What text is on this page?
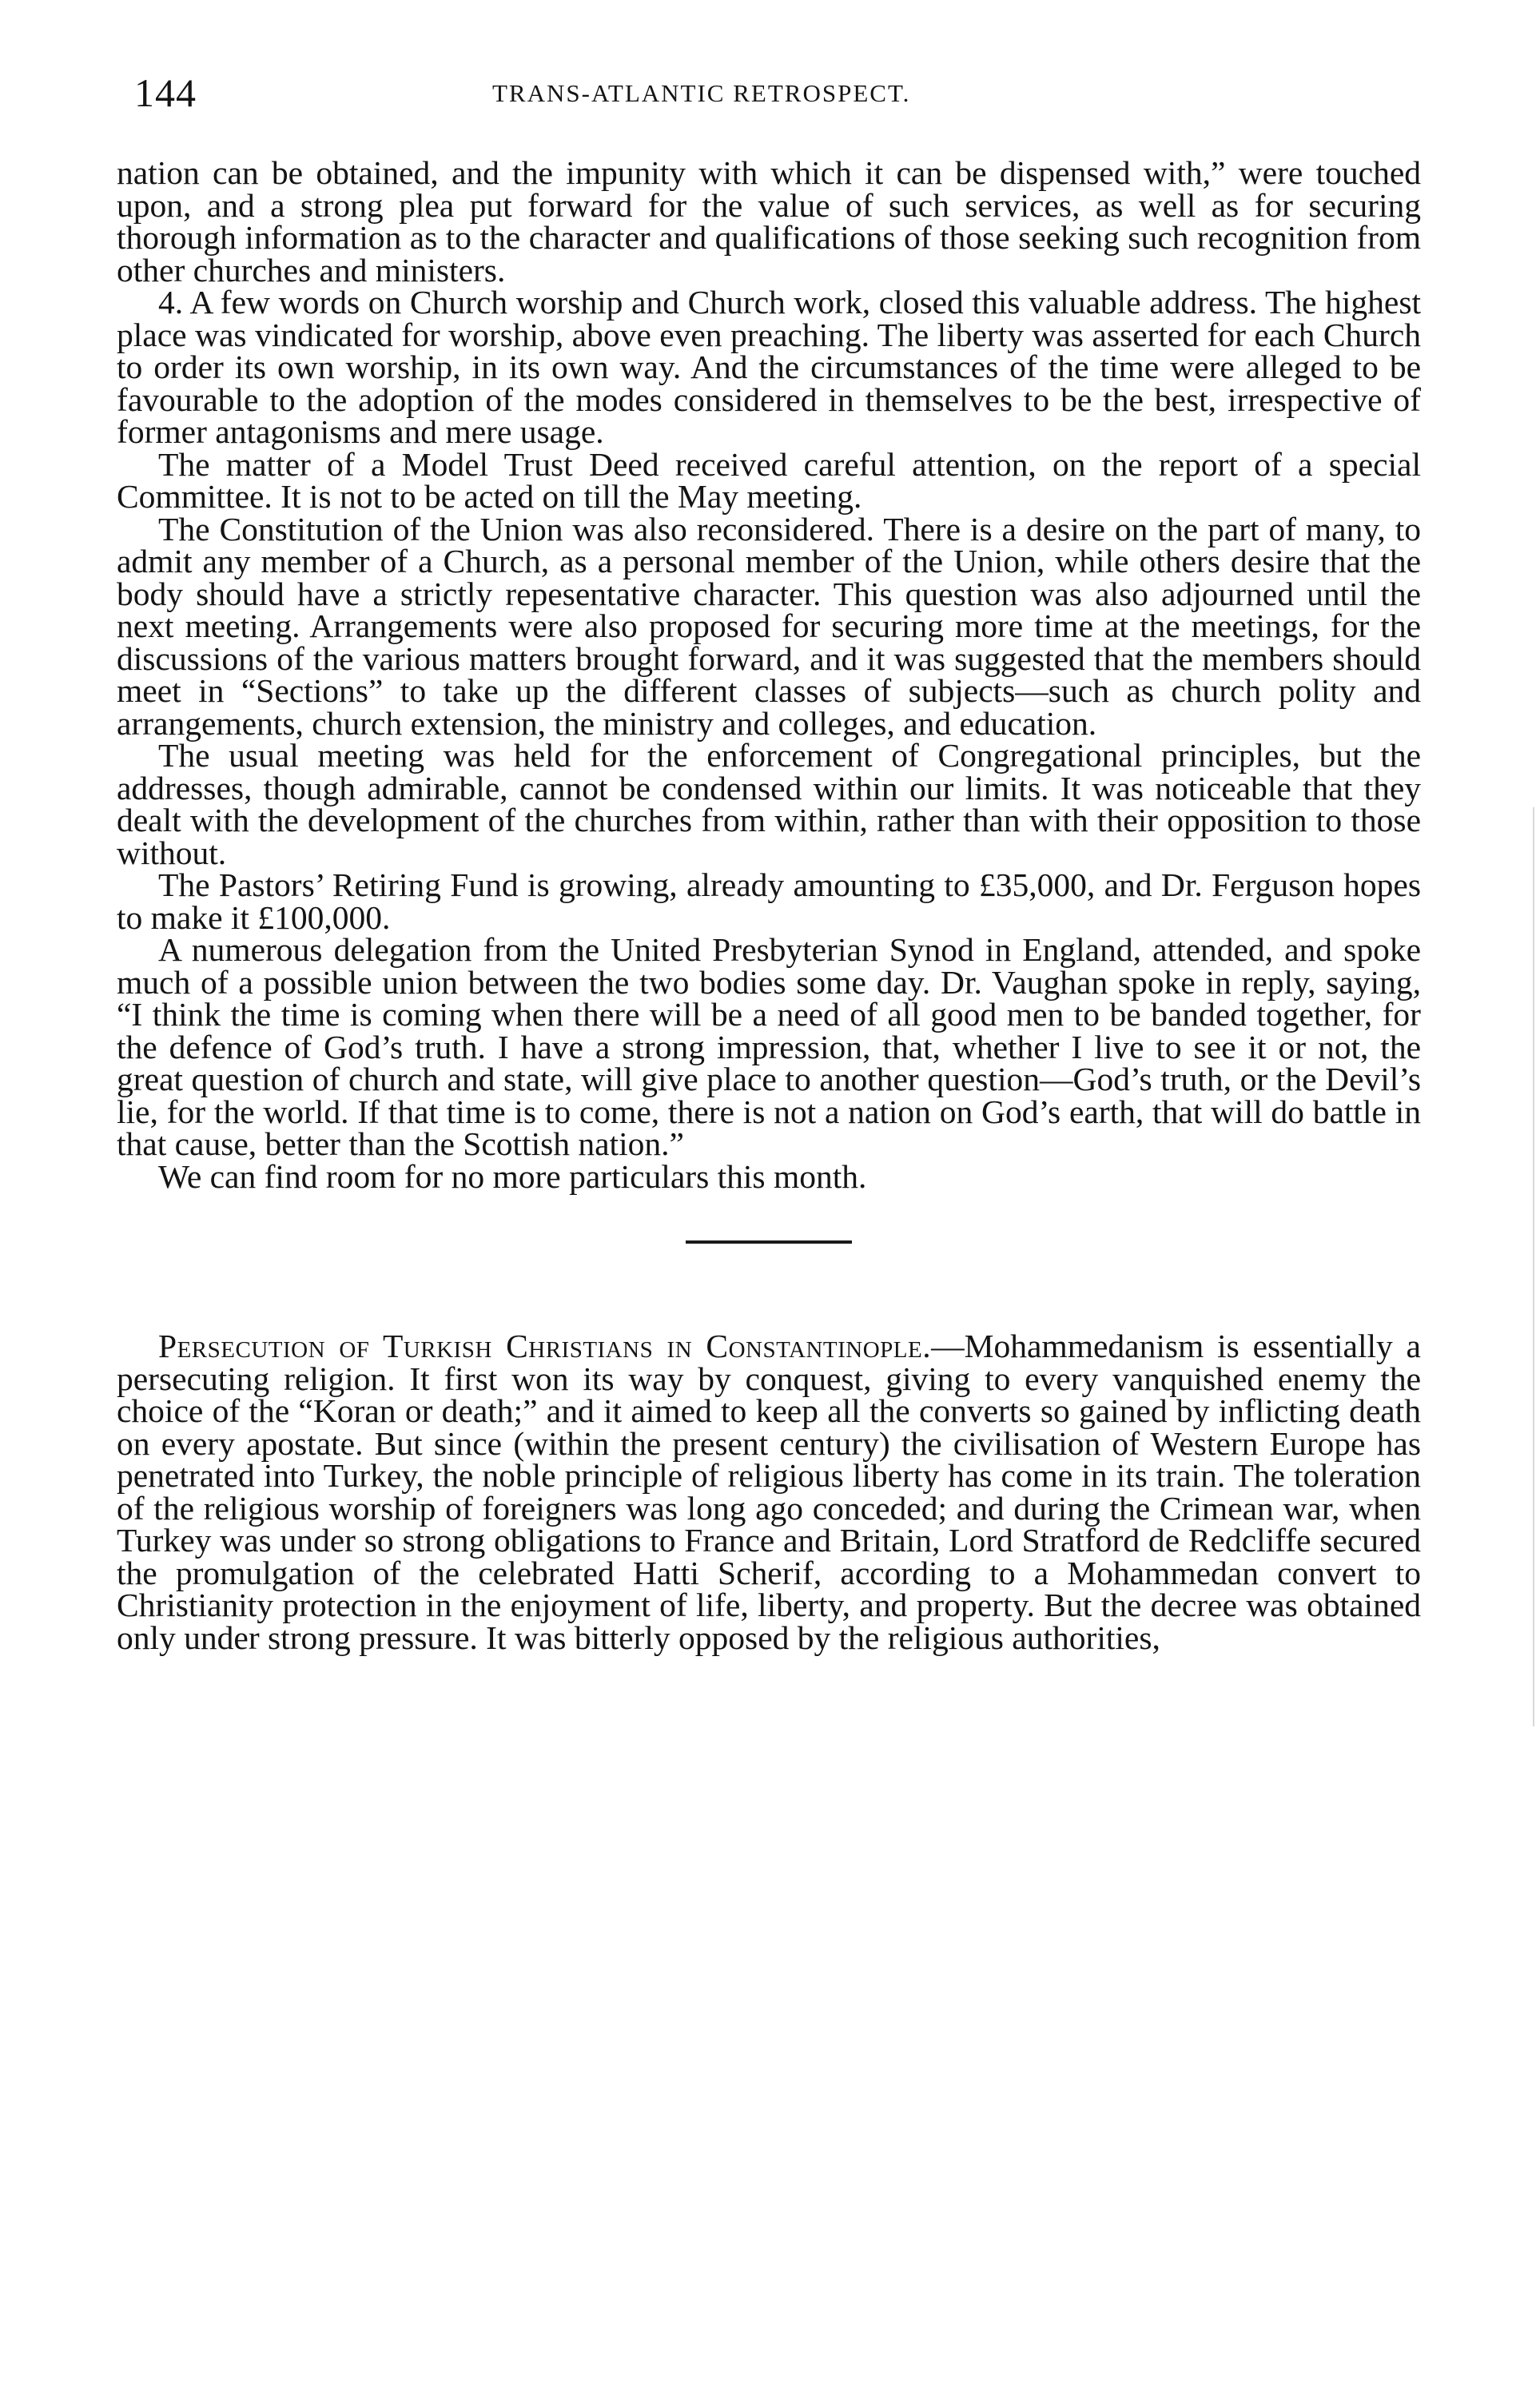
144	TRANS-ATLANTIC RETROSPECT.

nation can be obtained, and the impunity with which it can be dispensed with,” were touched upon, and a strong plea put forward for the value of such services, as well as for securing thorough information as to the character and qualifications of those seeking such recognition from other churches and ministers.

4. A few words on Church worship and Church work, closed this valuable address. The highest place was vindicated for worship, above even preaching. The liberty was asserted for each Church to order its own worship, in its own way. And the circumstances of the time were alleged to be favourable to the adoption of the modes considered in themselves to be the best, irrespective of former antagonisms and mere usage.

The matter of a Model Trust Deed received careful attention, on the report of a special Committee. It is not to be acted on till the May meeting.

The Constitution of the Union was also reconsidered. There is a desire on the part of many, to admit any member of a Church, as a personal member of the Union, while others desire that the body should have a strictly repesentative character. This question was also adjourned until the next meeting. Arrangements were also proposed for securing more time at the meetings, for the discussions of the various matters brought forward, and it was suggested that the members should meet in “Sections” to take up the different classes of subjects—such as church polity and arrangements, church extension, the ministry and colleges, and education.

The usual meeting was held for the enforcement of Congregational principles, but the addresses, though admirable, cannot be condensed within our limits. It was noticeable that they dealt with the development of the churches from within, rather than with their opposition to those without.

The Pastors’ Retiring Fund is growing, already amounting to £35,000, and Dr. Ferguson hopes to make it £100,000.

A numerous delegation from the United Presbyterian Synod in England, attended, and spoke much of a possible union between the two bodies some day. Dr. Vaughan spoke in reply, saying, “I think the time is coming when there will be a need of all good men to be banded together, for the defence of God’s truth. I have a strong impression, that, whether I live to see it or not, the great question of church and state, will give place to another question—God’s truth, or the Devil’s lie, for the world. If that time is to come, there is not a nation on God’s earth, that will do battle in that cause, better than the Scottish nation.”

We can find room for no more particulars this month.

Persecution of Turkish Christians in Constantinople.—Mohammedanism is essentially a persecuting religion. It first won its way by conquest, giving to every vanquished enemy the choice of the “Koran or death;” and it aimed to keep all the converts so gained by inflicting death on every apostate. But since (within the present century) the civilisation of Western Europe has penetrated into Turkey, the noble principle of religious liberty has come in its train. The toleration of the religious worship of foreigners was long ago conceded; and during the Crimean war, when Turkey was under so strong obligations to France and Britain, Lord Stratford de Redcliffe secured the promulgation of the celebrated Hatti Scherif, according to a Mohammedan convert to Christianity protection in the enjoyment of life, liberty, and property. But the decree was obtained only under strong pressure. It was bitterly opposed by the religious authorities,
